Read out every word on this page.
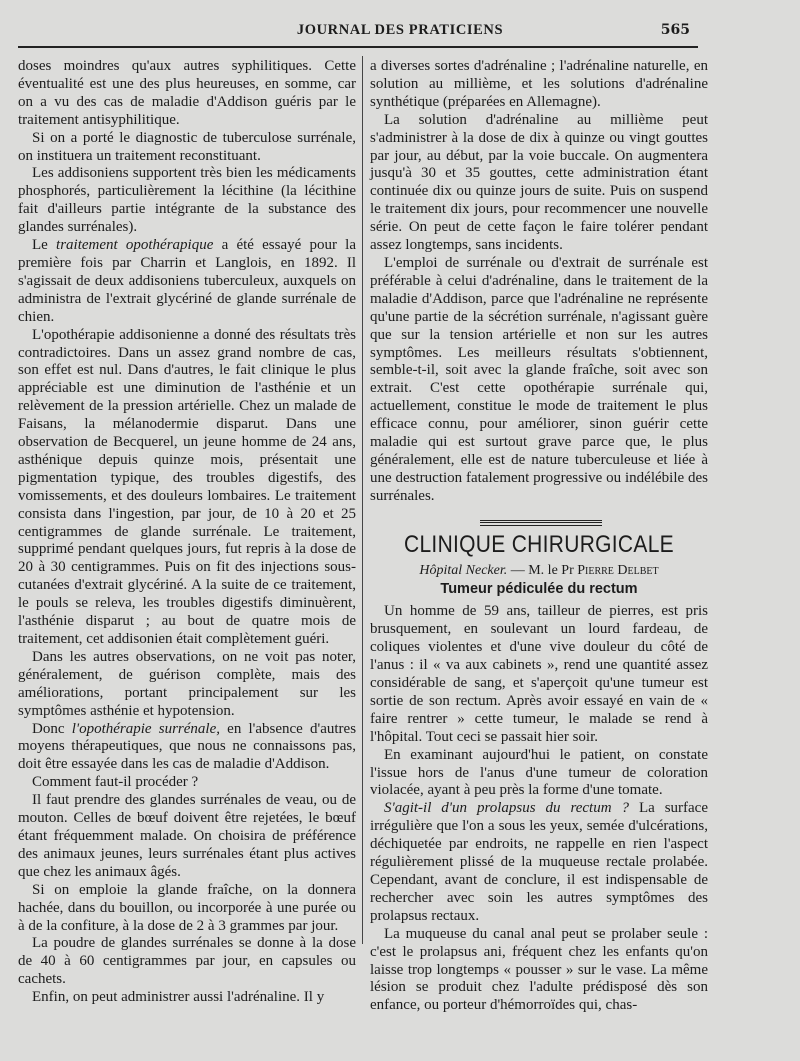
JOURNAL DES PRATICIENS	565

doses moindres qu'aux autres syphilitiques. Cette éventualité est une des plus heureuses, en somme, car on a vu des cas de maladie d'Addison guéris par le traitement antisyphilitique.

Si on a porté le diagnostic de tuberculose surrénale, on instituera un traitement reconstituant.

Les addisoniens supportent très bien les médicaments phosphorés, particulièrement la lécithine (la lécithine fait d'ailleurs partie intégrante de la substance des glandes surrénales).

Le traitement opothérapique a été essayé pour la première fois par Charrin et Langlois, en 1892. Il s'agissait de deux addisoniens tuberculeux, auxquels on administra de l'extrait glycériné de glande surrénale de chien.

L'opothérapie addisonienne a donné des résultats très contradictoires. Dans un assez grand nombre de cas, son effet est nul. Dans d'autres, le fait clinique le plus appréciable est une diminution de l'asthénie et un relèvement de la pression artérielle. Chez un malade de Faisans, la mélanodermie disparut. Dans une observation de Becquerel, un jeune homme de 24 ans, asthénique depuis quinze mois, présentait une pigmentation typique, des troubles digestifs, des vomissements, et des douleurs lombaires. Le traitement consista dans l'ingestion, par jour, de 10 à 20 et 25 centigrammes de glande surrénale. Le traitement, supprimé pendant quelques jours, fut repris à la dose de 20 à 30 centigrammes. Puis on fit des injections sous-cutanées d'extrait glycériné. A la suite de ce traitement, le pouls se releva, les troubles digestifs diminuèrent, l'asthénie disparut ; au bout de quatre mois de traitement, cet addisonien était complètement guéri.

Dans les autres observations, on ne voit pas noter, généralement, de guérison complète, mais des améliorations, portant principalement sur les symptômes asthénie et hypotension.

Donc l'opothérapie surrénale, en l'absence d'autres moyens thérapeutiques, que nous ne connaissons pas, doit être essayée dans les cas de maladie d'Addison.

Comment faut-il procéder ?

Il faut prendre des glandes surrénales de veau, ou de mouton. Celles de bœuf doivent être rejetées, le bœuf étant fréquemment malade. On choisira de préférence des animaux jeunes, leurs surrénales étant plus actives que chez les animaux âgés.

Si on emploie la glande fraîche, on la donnera hachée, dans du bouillon, ou incorporée à une purée ou à de la confiture, à la dose de 2 à 3 grammes par jour.

La poudre de glandes surrénales se donne à la dose de 40 à 60 centigrammes par jour, en capsules ou cachets.

Enfin, on peut administrer aussi l'adrénaline. Il y

a diverses sortes d'adrénaline ; l'adrénaline naturelle, en solution au millième, et les solutions d'adrénaline synthétique (préparées en Allemagne).

La solution d'adrénaline au millième peut s'administrer à la dose de dix à quinze ou vingt gouttes par jour, au début, par la voie buccale. On augmentera jusqu'à 30 et 35 gouttes, cette administration étant continuée dix ou quinze jours de suite. Puis on suspend le traitement dix jours, pour recommencer une nouvelle série. On peut de cette façon le faire tolérer pendant assez longtemps, sans incidents.

L'emploi de surrénale ou d'extrait de surrénale est préférable à celui d'adrénaline, dans le traitement de la maladie d'Addison, parce que l'adrénaline ne représente qu'une partie de la sécrétion surrénale, n'agissant guère que sur la tension artérielle et non sur les autres symptômes. Les meilleurs résultats s'obtiennent, semble-t-il, soit avec la glande fraîche, soit avec son extrait. C'est cette opothérapie surrénale qui, actuellement, constitue le mode de traitement le plus efficace connu, pour améliorer, sinon guérir cette maladie qui est surtout grave parce que, le plus généralement, elle est de nature tuberculeuse et liée à une destruction fatalement progressive ou indélébile des surrénales.

CLINIQUE CHIRURGICALE
Hôpital Necker. — M. le Pr Pierre Delbet
Tumeur pédiculée du rectum

Un homme de 59 ans, tailleur de pierres, est pris brusquement, en soulevant un lourd fardeau, de coliques violentes et d'une vive douleur du côté de l'anus : il « va aux cabinets », rend une quantité assez considérable de sang, et s'aperçoit qu'une tumeur est sortie de son rectum. Après avoir essayé en vain de « faire rentrer » cette tumeur, le malade se rend à l'hôpital. Tout ceci se passait hier soir.

En examinant aujourd'hui le patient, on constate l'issue hors de l'anus d'une tumeur de coloration violacée, ayant à peu près la forme d'une tomate.

S'agit-il d'un prolapsus du rectum ? La surface irrégulière que l'on a sous les yeux, semée d'ulcérations, déchiquetée par endroits, ne rappelle en rien l'aspect régulièrement plissé de la muqueuse rectale prolabée. Cependant, avant de conclure, il est indispensable de rechercher avec soin les autres symptômes des prolapsus rectaux.

La muqueuse du canal anal peut se prolaber seule : c'est le prolapsus ani, fréquent chez les enfants qu'on laisse trop longtemps « pousser » sur le vase. La même lésion se produit chez l'adulte prédisposé dès son enfance, ou porteur d'hémorroïdes qui, chas-
